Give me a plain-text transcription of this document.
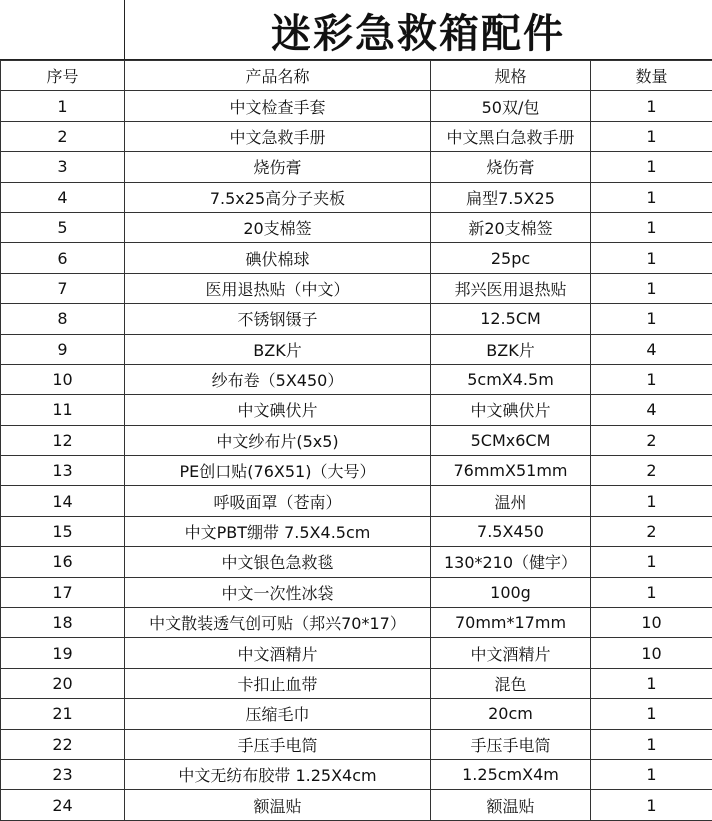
迷彩急救箱配件
序号	产品名称	规格	数量
1	中文检查手套	50双/包	1
2	中文急救手册	中文黑白急救手册	1
3	烧伤膏	烧伤膏	1
4	7.5x25高分子夹板	扁型7.5X25	1
5	20支棉签	新20支棉签	1
6	碘伏棉球	25pc	1
7	医用退热贴（中文）	邦兴医用退热贴	1
8	不锈钢镊子	12.5CM	1
9	BZK片	BZK片	4
10	纱布卷（5X450）	5cmX4.5m	1
11	中文碘伏片	中文碘伏片	4
12	中文纱布片(5x5)	5CMx6CM	2
13	PE创口贴(76X51)（大号）	76mmX51mm	2
14	呼吸面罩（苍南）	温州	1
15	中文PBT绷带 7.5X4.5cm	7.5X450	2
16	中文银色急救毯	130*210（健宇）	1
17	中文一次性冰袋	100g	1
18	中文散装透气创可贴（邦兴70*17）	70mm*17mm	10
19	中文酒精片	中文酒精片	10
20	卡扣止血带	混色	1
21	压缩毛巾	20cm	1
22	手压手电筒	手压手电筒	1
23	中文无纺布胶带 1.25X4cm	1.25cmX4m	1
24	额温贴	额温贴	1
